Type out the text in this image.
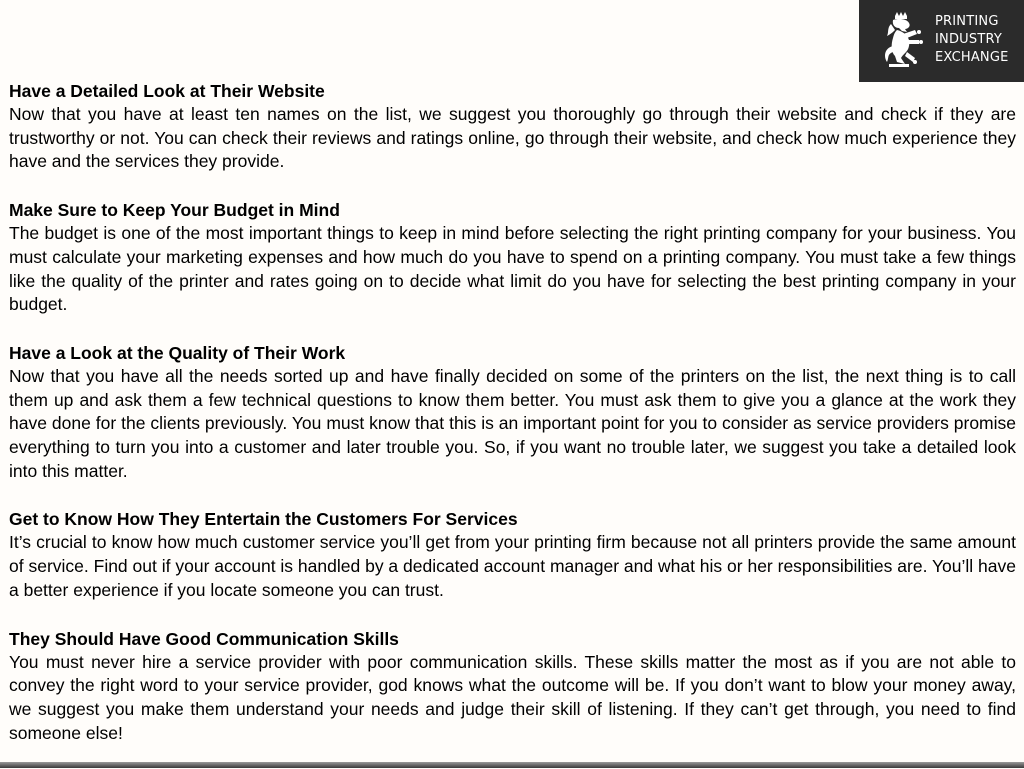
PRINTING
INDUSTRY
EXCHANGE
Have a Detailed Look at Their Website

Now that you have at least ten names on the list, we suggest you thoroughly go through their website and check if they are trustworthy or not. You can check their reviews and ratings online, go through their website, and check how much experience they have and the services they provide.

Make Sure to Keep Your Budget in Mind

The budget is one of the most important things to keep in mind before selecting the right printing company for your business. You must calculate your marketing expenses and how much do you have to spend on a printing company. You must take a few things like the quality of the printer and rates going on to decide what limit do you have for selecting the best printing company in your budget.

Have a Look at the Quality of Their Work

Now that you have all the needs sorted up and have finally decided on some of the printers on the list, the next thing is to call them up and ask them a few technical questions to know them better. You must ask them to give you a glance at the work they have done for the clients previously. You must know that this is an important point for you to consider as service providers promise everything to turn you into a customer and later trouble you. So, if you want no trouble later, we suggest you take a detailed look into this matter.

Get to Know How They Entertain the Customers For Services

It’s crucial to know how much customer service you’ll get from your printing firm because not all printers provide the same amount of service. Find out if your account is handled by a dedicated account manager and what his or her responsibilities are. You’ll have a better experience if you locate someone you can trust.

They Should Have Good Communication Skills

You must never hire a service provider with poor communication skills. These skills matter the most as if you are not able to convey the right word to your service provider, god knows what the outcome will be. If you don’t want to blow your money away, we suggest you make them understand your needs and judge their skill of listening. If they can’t get through, you need to find someone else!
